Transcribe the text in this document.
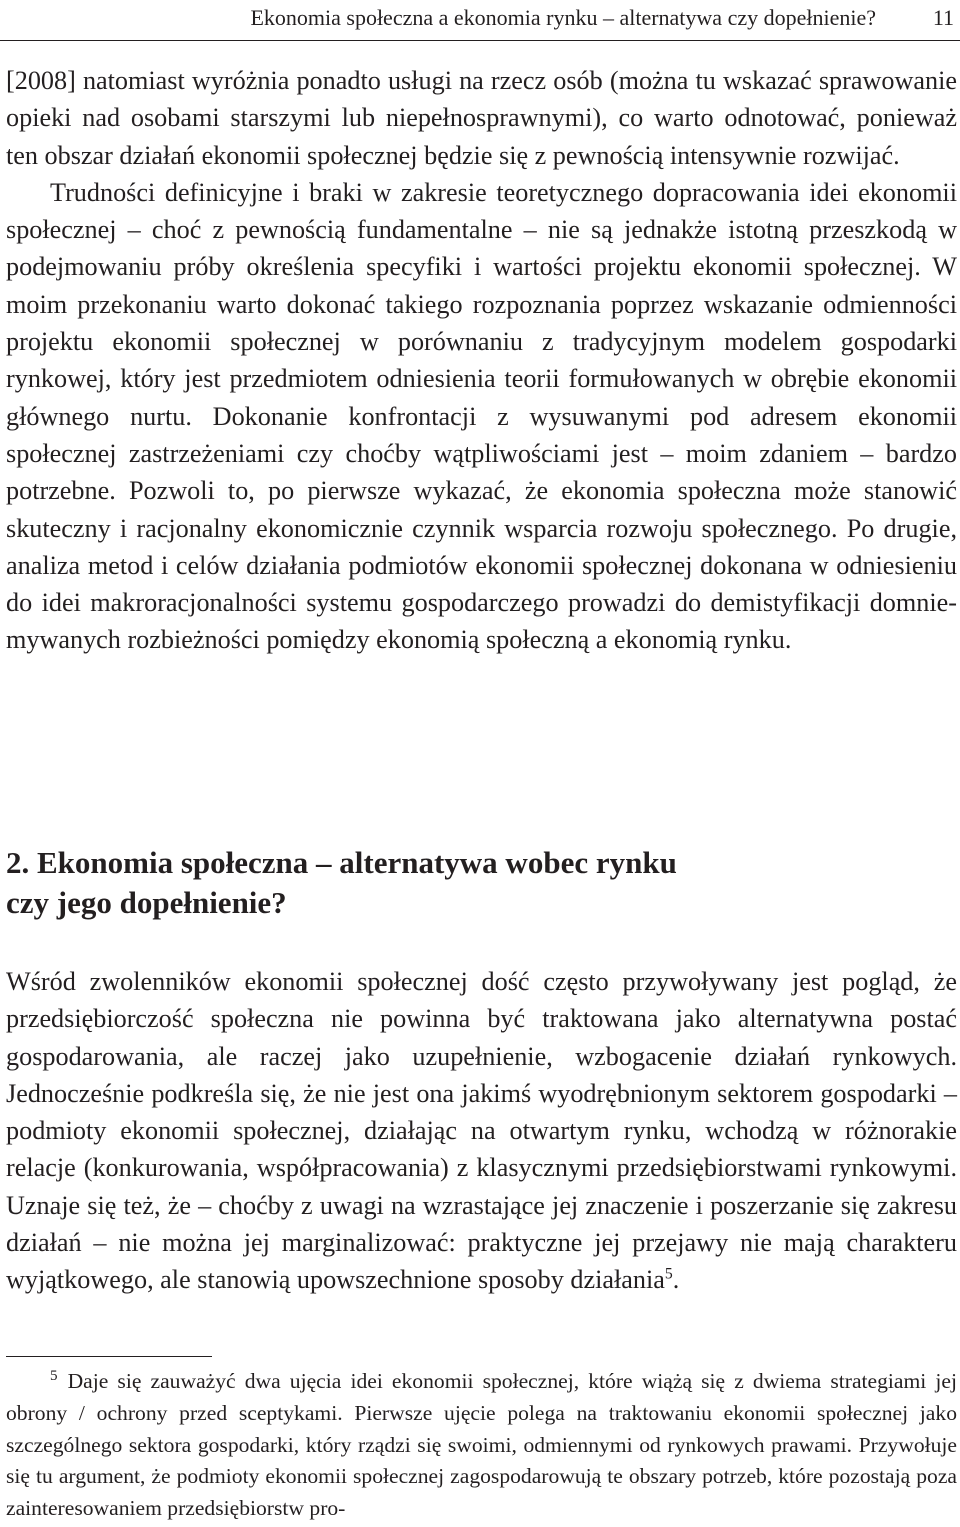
Ekonomia społeczna a ekonomia rynku – alternatywa czy dopełnienie?	11

[2008] natomiast wyróżnia ponadto usługi na rzecz osób (można tu wskazać sprawowanie opieki nad osobami starszymi lub niepełnosprawnymi), co warto odnotować, ponieważ ten obszar działań ekonomii społecznej będzie się z pewnością intensywnie rozwijać.

Trudności definicyjne i braki w zakresie teoretycznego dopracowania idei ekonomii społecznej – choć z pewnością fundamentalne – nie są jednakże istotną przeszkodą w podejmowaniu próby określenia specyfiki i wartości projektu ekonomii społecznej. W moim przekonaniu warto dokonać takiego rozpoznania poprzez wskazanie odmienności projektu ekonomii społecznej w porównaniu z tradycyjnym modelem gospodarki rynkowej, który jest przedmiotem odniesienia teorii formułowanych w obrębie ekonomii głównego nurtu. Dokonanie konfrontacji z wysuwanymi pod adresem ekonomii społecznej zastrzeżeniami czy choćby wątpliwościami jest – moim zdaniem – bardzo potrzebne. Pozwoli to, po pierwsze wykazać, że ekonomia społeczna może stanowić skuteczny i racjonalny ekonomicznie czynnik wsparcia rozwoju społecznego. Po drugie, analiza metod i celów działania podmiotów ekonomii społecznej dokonana w odniesieniu do idei makroracjonalności systemu gospodarczego prowadzi do demistyfikacji domniemywanych rozbieżności pomiędzy ekonomią społeczną a ekonomią rynku.

2. Ekonomia społeczna – alternatywa wobec rynku
czy jego dopełnienie?

Wśród zwolenników ekonomii społecznej dość często przywoływany jest pogląd, że przedsiębiorczość społeczna nie powinna być traktowana jako alternatywna postać gospodarowania, ale raczej jako uzupełnienie, wzbogacenie działań rynkowych. Jednocześnie podkreśla się, że nie jest ona jakimś wyodrębnionym sektorem gospodarki – podmioty ekonomii społecznej, działając na otwartym rynku, wchodzą w różnorakie relacje (konkurowania, współpracowania) z klasycznymi przedsiębiorstwami rynkowymi. Uznaje się też, że – choćby z uwagi na wzrastające jej znaczenie i poszerzanie się zakresu działań – nie można jej marginalizować: praktyczne jej przejawy nie mają charakteru wyjątkowego, ale stanowią upowszechnione sposoby działania$^5$.

$^5$ Daje się zauważyć dwa ujęcia idei ekonomii społecznej, które wiążą się z dwiema strategiami jej obrony / ochrony przed sceptykami. Pierwsze ujęcie polega na traktowaniu ekonomii społecznej jako szczególnego sektora gospodarki, który rządzi się swoimi, odmiennymi od rynkowych prawami. Przywołuje się tu argument, że podmioty ekonomii społecznej zagospodarowują te obszary potrzeb, które pozostają poza zainteresowaniem przedsiębiorstw pro-
